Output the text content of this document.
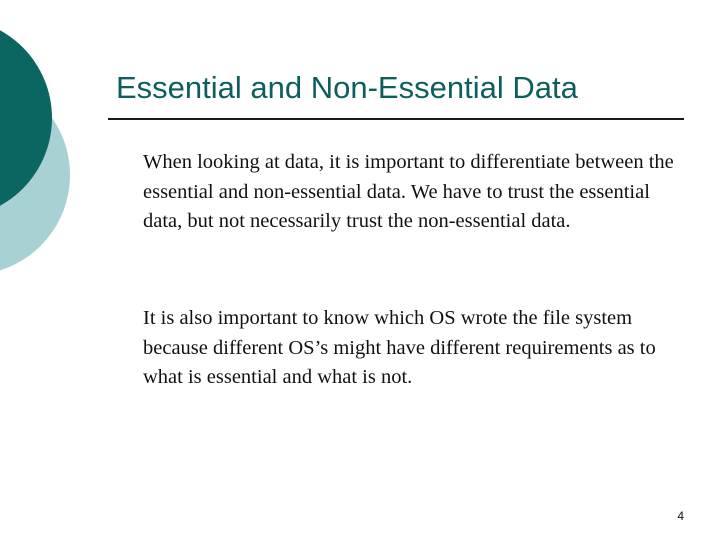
Essential and Non-Essential Data

When looking at data, it is important to differentiate between the essential and non-essential data. We have to trust the essential data, but not necessarily trust the non-essential data.

It is also important to know which OS wrote the file system because different OS’s might have different requirements as to what is essential and what is not.

4
